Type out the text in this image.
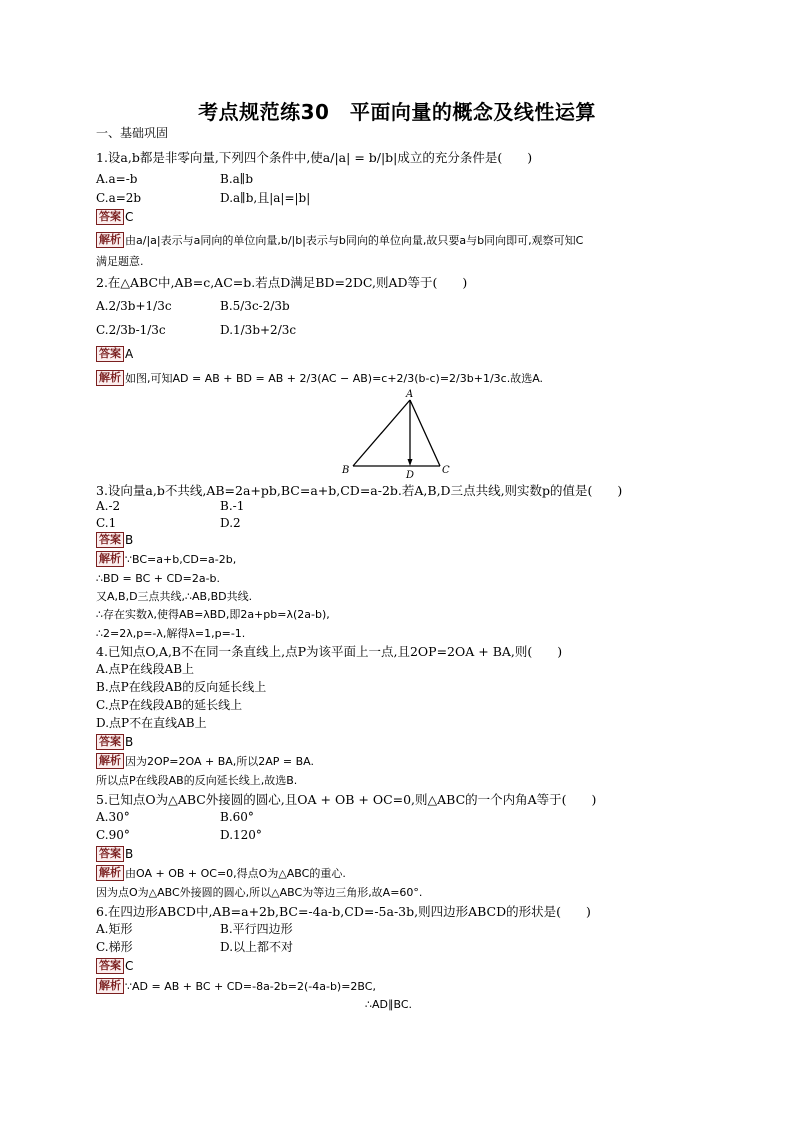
考点规范练30　平面向量的概念及线性运算
一、基础巩固
1.设a,b都是非零向量,下列四个条件中,使a/|a| = b/|b|成立的充分条件是(　　)
A.a=-b	B.a∥b
C.a=2b	D.a∥b,且|a|=|b|
答案 C
解析 由a/|a|表示与a同向的单位向量,b/|b|表示与b同向的单位向量,故只要a与b同向即可,观察可知C
满足题意.
2.在△ABC中,AB=c,AC=b.若点D满足BD=2DC,则AD等于(　　)
A.2/3b+1/3c	B.5/3c-2/3b
C.2/3b-1/3c	D.1/3b+2/3c
答案 A
解析 如图,可知AD = AB + BD = AB + 2/3(AC − AB)=c+2/3(b-c)=2/3b+1/3c.故选A.
A
B	C
D
3.设向量a,b不共线,AB=2a+pb,BC=a+b,CD=a-2b.若A,B,D三点共线,则实数p的值是(　　)
A.-2	B.-1
C.1	D.2
答案 B
解析 ∵BC=a+b,CD=a-2b,
∴BD = BC + CD=2a-b.
又A,B,D三点共线,∴AB,BD共线.
∴存在实数λ,使得AB=λBD,即2a+pb=λ(2a-b),
∴2=2λ,p=-λ,解得λ=1,p=-1.
4.已知点O,A,B不在同一条直线上,点P为该平面上一点,且2OP=2OA + BA,则(　　)
A.点P在线段AB上
B.点P在线段AB的反向延长线上
C.点P在线段AB的延长线上
D.点P不在直线AB上
答案 B
解析 因为2OP=2OA + BA,所以2AP = BA.
所以点P在线段AB的反向延长线上,故选B.
5.已知点O为△ABC外接圆的圆心,且OA + OB + OC=0,则△ABC的一个内角A等于(　　)
A.30°	B.60°
C.90°	D.120°
答案 B
解析 由OA + OB + OC=0,得点O为△ABC的重心.
因为点O为△ABC外接圆的圆心,所以△ABC为等边三角形,故A=60°.
6.在四边形ABCD中,AB=a+2b,BC=-4a-b,CD=-5a-3b,则四边形ABCD的形状是(　　)
A.矩形	B.平行四边形
C.梯形	D.以上都不对
答案 C
解析 ∵AD = AB + BC + CD=-8a-2b=2(-4a-b)=2BC,
∴AD∥BC.
